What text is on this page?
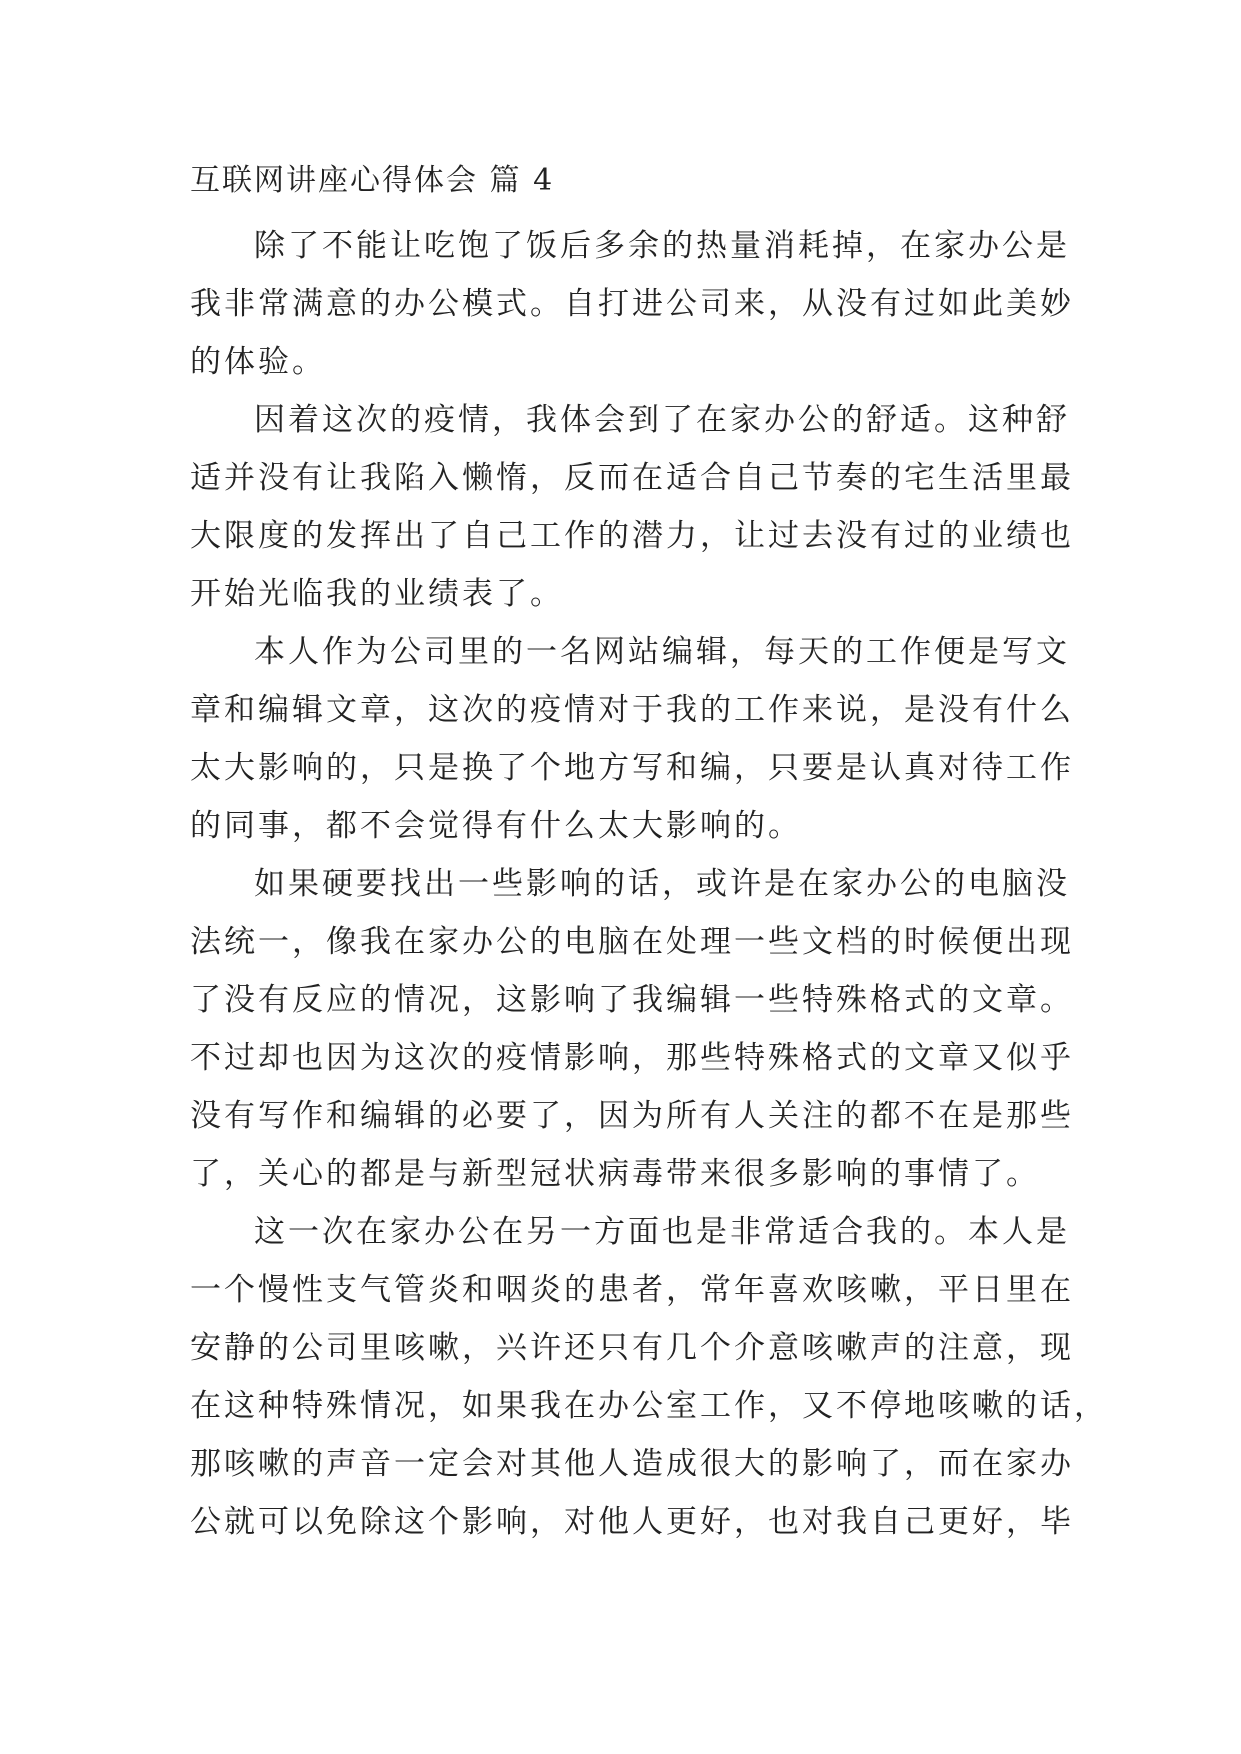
互联网讲座心得体会 篇 4
除了不能让吃饱了饭后多余的热量消耗掉，在家办公是
我非常满意的办公模式。自打进公司来，从没有过如此美妙
的体验。
因着这次的疫情，我体会到了在家办公的舒适。这种舒
适并没有让我陷入懒惰，反而在适合自己节奏的宅生活里最
大限度的发挥出了自己工作的潜力，让过去没有过的业绩也
开始光临我的业绩表了。
本人作为公司里的一名网站编辑，每天的工作便是写文
章和编辑文章，这次的疫情对于我的工作来说，是没有什么
太大影响的，只是换了个地方写和编，只要是认真对待工作
的同事，都不会觉得有什么太大影响的。
如果硬要找出一些影响的话，或许是在家办公的电脑没
法统一，像我在家办公的电脑在处理一些文档的时候便出现
了没有反应的情况，这影响了我编辑一些特殊格式的文章。
不过却也因为这次的疫情影响，那些特殊格式的文章又似乎
没有写作和编辑的必要了，因为所有人关注的都不在是那些
了，关心的都是与新型冠状病毒带来很多影响的事情了。
这一次在家办公在另一方面也是非常适合我的。本人是
一个慢性支气管炎和咽炎的患者，常年喜欢咳嗽，平日里在
安静的公司里咳嗽，兴许还只有几个介意咳嗽声的注意，现
在这种特殊情况，如果我在办公室工作，又不停地咳嗽的话，
那咳嗽的声音一定会对其他人造成很大的影响了，而在家办
公就可以免除这个影响，对他人更好，也对我自己更好，毕
